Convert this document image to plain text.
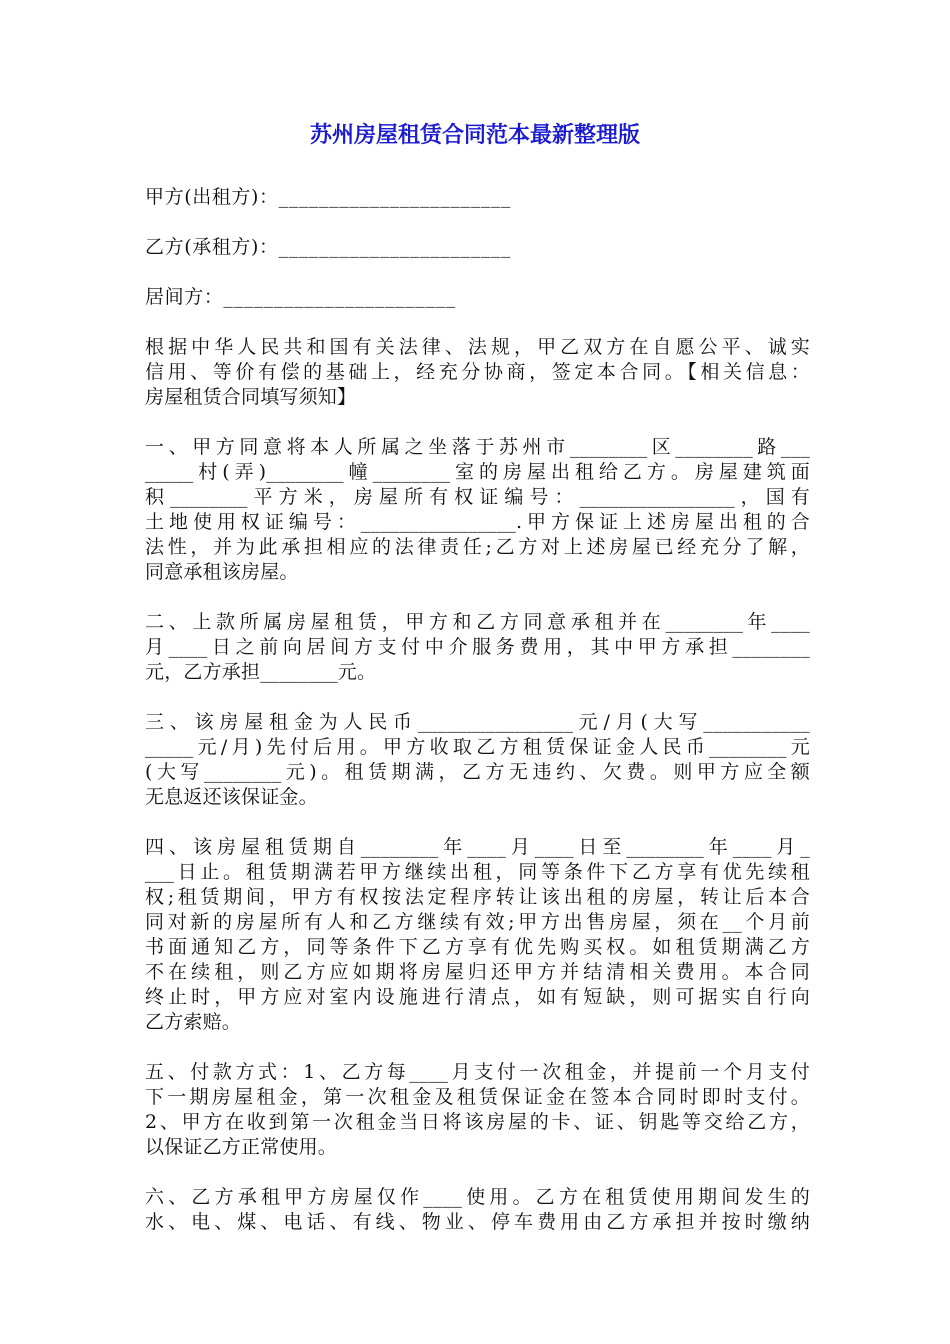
苏州房屋租赁合同范本最新整理版
甲方(出租方)：_______________________
乙方(承租方)：_______________________
居间方：_______________________

根据中华人民共和国有关法律、法规，甲乙双方在自愿公平、诚实

信用、等价有偿的基础上，经充分协商，签定本合同。【相关信息：

房屋租赁合同填写须知】

一、甲方同意将本人所属之坐落于苏州市________区________路___

_____村(弄)________幢________室的房屋出租给乙方。房屋建筑面

积________平方米，房屋所有权证编号：________________，国有

土地使用权证编号：________________.甲方保证上述房屋出租的合

法性，并为此承担相应的法律责任;乙方对上述房屋已经充分了解，

同意承租该房屋。

二、上款所属房屋租赁，甲方和乙方同意承租并在________年____

月____日之前向居间方支付中介服务费用，其中甲方承担________

元，乙方承担________元。

三、该房屋租金为人民币________________元/月(大写___________

_____元/月)先付后用。甲方收取乙方租赁保证金人民币________元

(大写________元)。租赁期满，乙方无违约、欠费。则甲方应全额

无息返还该保证金。

四、该房屋租赁期自________年____月____日至________年____月_

___日止。租赁期满若甲方继续出租，同等条件下乙方享有优先续租

权;租赁期间，甲方有权按法定程序转让该出租的房屋，转让后本合

同对新的房屋所有人和乙方继续有效;甲方出售房屋，须在__个月前

书面通知乙方，同等条件下乙方享有优先购买权。如租赁期满乙方

不在续租，则乙方应如期将房屋归还甲方并结清相关费用。本合同

终止时，甲方应对室内设施进行清点，如有短缺，则可据实自行向

乙方索赔。

五、付款方式：1、乙方每____月支付一次租金，并提前一个月支付

下一期房屋租金，第一次租金及租赁保证金在签本合同时即时支付。

2、甲方在收到第一次租金当日将该房屋的卡、证、钥匙等交给乙方，

以保证乙方正常使用。

六、乙方承租甲方房屋仅作____使用。乙方在租赁使用期间发生的

水、电、煤、电话、有线、物业、停车费用由乙方承担并按时缴纳
